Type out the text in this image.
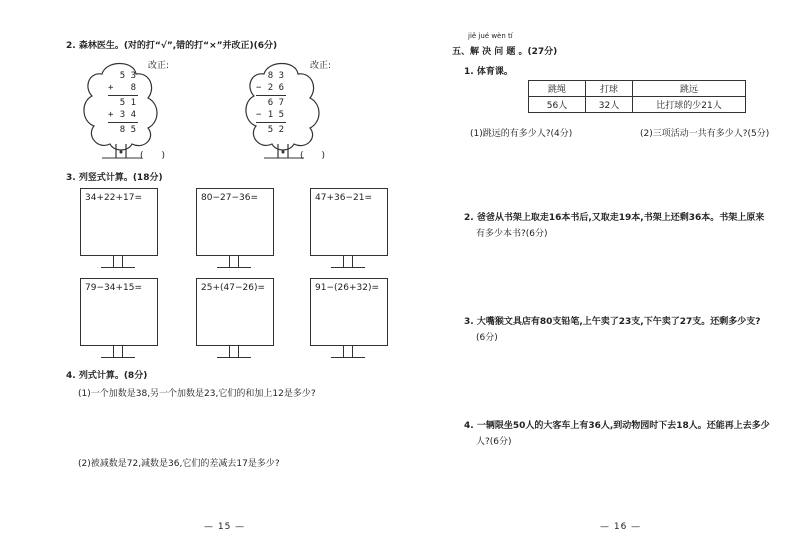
2. 森林医生。(对的打“√”,错的打“×”并改正)(6分)
5 3
+ 8
5 1
+ 3 4
8 5
改正:
(　　)
8 3
− 2 6
6 7
− 1 5
5 2
改正:
(　　)
3. 列竖式计算。(18分)
34+22+17=	80−27−36=	47+36−21=
79−34+15=	25+(47−26)=	91−(26+32)=
4. 列式计算。(8分)
(1)一个加数是38,另一个加数是23,它们的和加上12是多少?
(2)被减数是72,减数是36,它们的差减去17是多少?
— 15 —
jiě jué wèn tí
五、解 决 问 题 。(27分)
1. 体育课。
跳绳	打球	跳远
56人	32人	比打球的少21人
(1)跳远的有多少人?(4分)	(2)三项活动一共有多少人?(5分)
2. 爸爸从书架上取走16本书后,又取走19本,书架上还剩36本。书架上原来
有多少本书?(6分)
3. 大嘴猴文具店有80支铅笔,上午卖了23支,下午卖了27支。还剩多少支?
(6分)
4. 一辆限坐50人的大客车上有36人,到动物园时下去18人。还能再上去多少
人?(6分)
— 16 —
